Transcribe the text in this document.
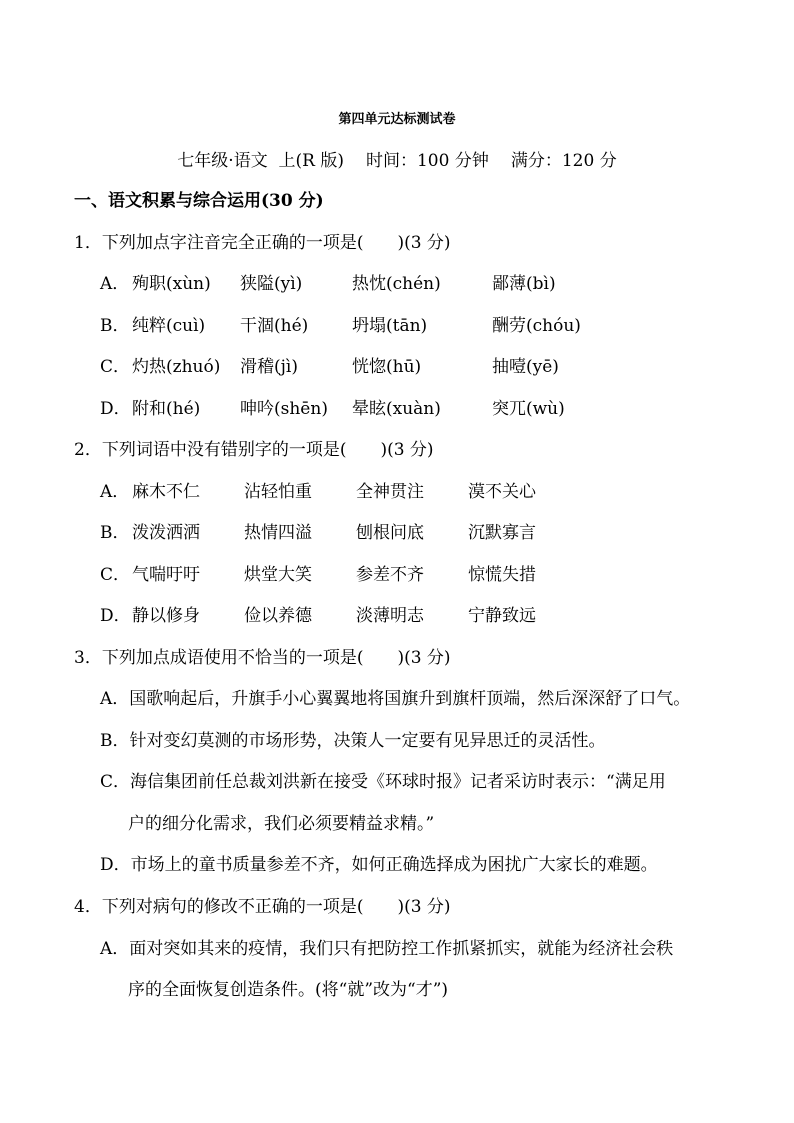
第四单元达标测试卷
七年级·语文  上(R 版) 时间：100 分钟 满分：120 分
一、语文积累与综合运用(30 分)
1．下列加点字注音完全正确的一项是(　　)(3 分)
A． 殉职(xùn)	狭隘(yì)	热忱(chén)	鄙薄(bì)
B． 纯粹(cuì)	干涸(hé)	坍塌(tān)	酬劳(chóu)
C． 灼热(zhuó)	滑稽(jì)	恍惚(hū)	抽噎(yē)
D． 附和(hé)	呻吟(shēn)	晕眩(xuàn)	突兀(wù)
2．下列词语中没有错别字的一项是(　　)(3 分)
A． 麻木不仁	沾轻怕重	全神贯注	漠不关心
B． 泼泼洒洒	热情四溢	刨根问底	沉默寡言
C． 气喘吁吁	烘堂大笑	参差不齐	惊慌失措
D． 静以修身	俭以养德	淡薄明志	宁静致远
3．下列加点成语使用不恰当的一项是(　　)(3 分)
A．国歌响起后，升旗手小心翼翼地将国旗升到旗杆顶端，然后深深舒了口气。
B．针对变幻莫测的市场形势，决策人一定要有见异思迁的灵活性。
C．海信集团前任总裁刘洪新在接受《环球时报》记者采访时表示：“满足用
户的细分化需求，我们必须要精益求精。”
D．市场上的童书质量参差不齐，如何正确选择成为困扰广大家长的难题。
4．下列对病句的修改不正确的一项是(　　)(3 分)
A．面对突如其来的疫情，我们只有把防控工作抓紧抓实，就能为经济社会秩
序的全面恢复创造条件。(将“就”改为“才”)
